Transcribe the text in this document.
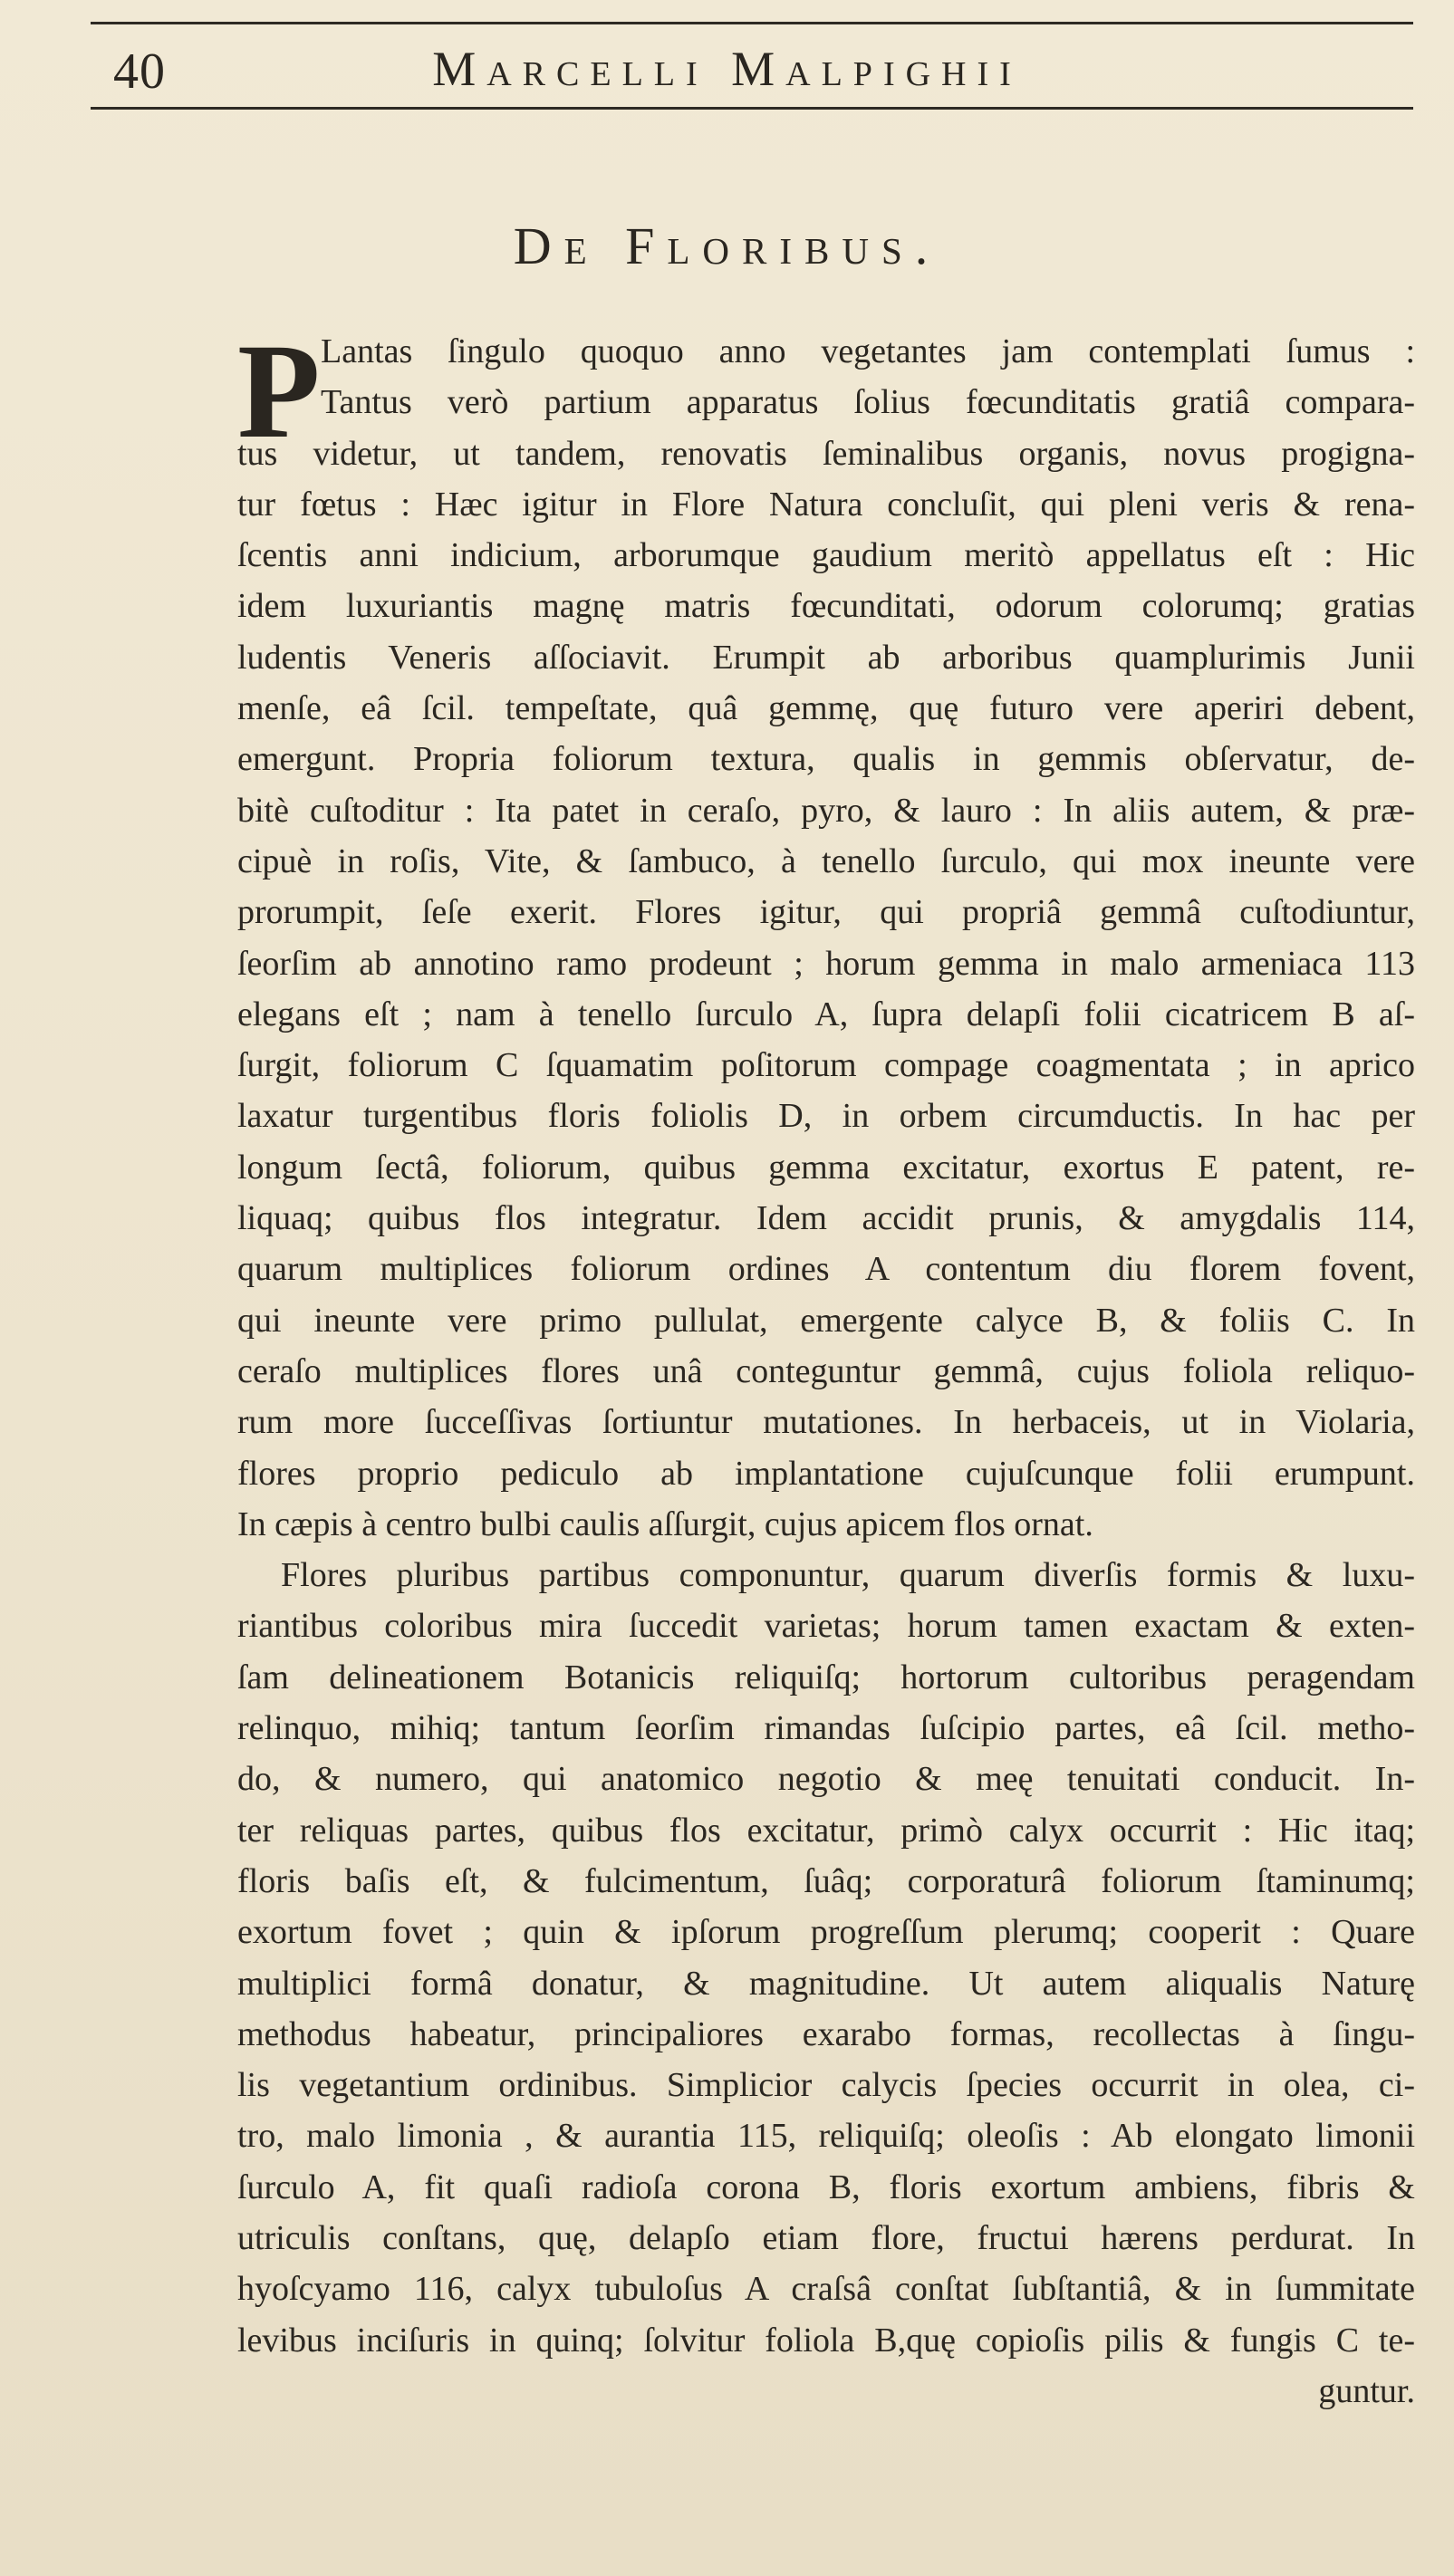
40	Marcelli Malpighii
De Floribus.
P Lantas ſingulo quoquo anno vegetantes jam contemplati ſumus :
Tantus verò partium apparatus ſolius fœcunditatis gratiâ compara-
tus videtur, ut tandem, renovatis ſeminalibus organis, novus progigna-
tur fœtus : Hæc igitur in Flore Natura concluſit, qui pleni veris & rena-
ſcentis anni indicium, arborumque gaudium meritò appellatus eſt : Hic
idem luxuriantis magnę matris fœcunditati, odorum colorumq; gratias
ludentis Veneris aſſociavit. Erumpit ab arboribus quamplurimis Junii
menſe, eâ ſcil. tempeſtate, quâ gemmę, quę futuro vere aperiri debent,
emergunt. Propria foliorum textura, qualis in gemmis obſervatur, de-
bitè cuſtoditur : Ita patet in ceraſo, pyro, & lauro : In aliis autem, & præ-
cipuè in roſis, Vite, & ſambuco, à tenello ſurculo, qui mox ineunte vere
prorumpit, ſeſe exerit. Flores igitur, qui propriâ gemmâ cuſtodiuntur,
ſeorſim ab annotino ramo prodeunt ; horum gemma in malo armeniaca 113
elegans eſt ; nam à tenello ſurculo A, ſupra delapſi folii cicatricem B aſ-
ſurgit, foliorum C ſquamatim poſitorum compage coagmentata ; in aprico
laxatur turgentibus floris foliolis D, in orbem circumductis. In hac per
longum ſectâ, foliorum, quibus gemma excitatur, exortus E patent, re-
liquaq; quibus flos integratur. Idem accidit prunis, & amygdalis 114,
quarum multiplices foliorum ordines A contentum diu florem fovent,
qui ineunte vere primo pullulat, emergente calyce B, & foliis C. In
ceraſo multiplices flores unâ conteguntur gemmâ, cujus foliola reliquo-
rum more ſucceſſivas ſortiuntur mutationes. In herbaceis, ut in Violaria,
flores proprio pediculo ab implantatione cujuſcunque folii erumpunt.
In cæpis à centro bulbi caulis aſſurgit, cujus apicem flos ornat.
Flores pluribus partibus componuntur, quarum diverſis formis & luxu-
riantibus coloribus mira ſuccedit varietas; horum tamen exactam & exten-
ſam delineationem Botanicis reliquiſq; hortorum cultoribus peragendam
relinquo, mihiq; tantum ſeorſim rimandas ſuſcipio partes, eâ ſcil. metho-
do, & numero, qui anatomico negotio & meę tenuitati conducit. In-
ter reliquas partes, quibus flos excitatur, primò calyx occurrit : Hic itaq;
floris baſis eſt, & fulcimentum, ſuâq; corporaturâ foliorum ſtaminumq;
exortum fovet ; quin & ipſorum progreſſum plerumq; cooperit : Quare
multiplici formâ donatur, & magnitudine. Ut autem aliqualis Naturę
methodus habeatur, principaliores exarabo formas, recollectas à ſingu-
lis vegetantium ordinibus. Simplicior calycis ſpecies occurrit in olea, ci-
tro, malo limonia , & aurantia 115, reliquiſq; oleoſis : Ab elongato limonii
ſurculo A, fit quaſi radioſa corona B, floris exortum ambiens, fibris &
utriculis conſtans, quę, delapſo etiam flore, fructui hærens perdurat. In
hyoſcyamo 116, calyx tubuloſus A craſsâ conſtat ſubſtantiâ, & in ſummitate
levibus inciſuris in quinq; ſolvitur foliola B,quę copioſis pilis & fungis C te-
guntur.
